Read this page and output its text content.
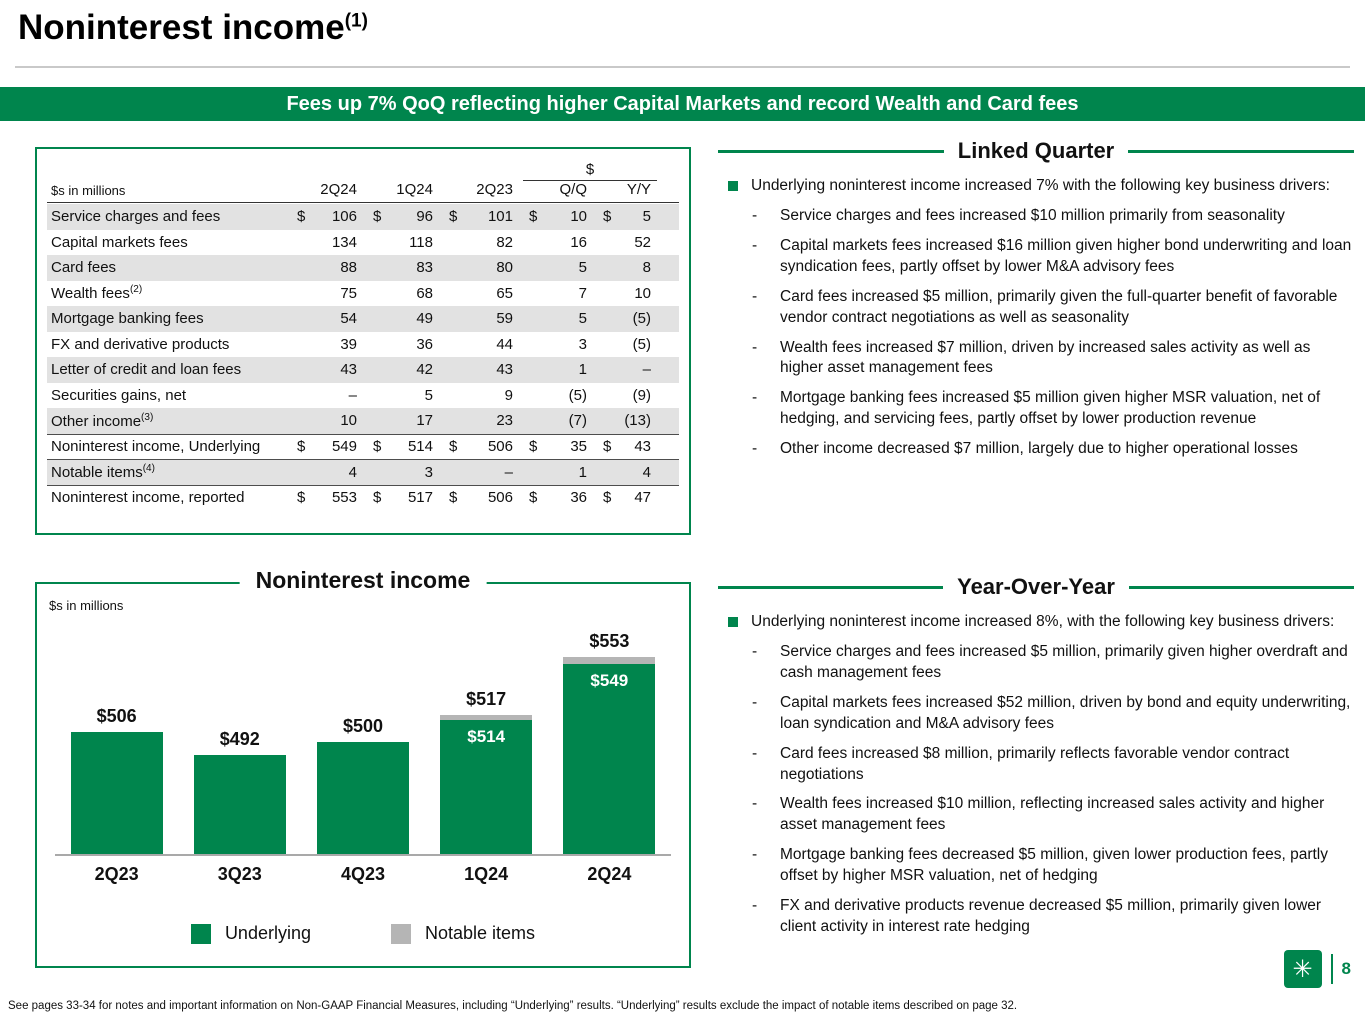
Noninterest income$^{(1)}$
Fees up 7% QoQ reflecting higher Capital Markets and record Wealth and Card fees
$
$s in millions	2Q24	1Q24	2Q23	Q/Q	Y/Y
Service charges and fees	$ 106	$ 96	$ 101	$ 10	$ 5
Capital markets fees	134	118	82	16	52
Card fees	88	83	80	5	8
Wealth fees$^{(2)}$	75	68	65	7	10
Mortgage banking fees	54	49	59	5	(5)
FX and derivative products	39	36	44	3	(5)
Letter of credit and loan fees	43	42	43	1	–
Securities gains, net	–	5	9	(5)	(9)
Other income$^{(3)}$	10	17	23	(7)	(13)
Noninterest income, Underlying	$ 549	$ 514	$ 506	$ 35	$ 43
Notable items$^{(4)}$	4	3	–	1	4
Noninterest income, reported	$ 553	$ 517	$ 506	$ 36	$ 47
Noninterest income
$s in millions
$506
$492
$500
$517
$514
$553
$549
2Q23	3Q23	4Q23	1Q24	2Q24
Underlying	Notable items
Linked Quarter
Underlying noninterest income increased 7% with the following key business drivers:
-	Service charges and fees increased $10 million primarily from seasonality
-	Capital markets fees increased $16 million given higher bond underwriting and loan syndication fees, partly offset by lower M&A advisory fees
-	Card fees increased $5 million, primarily given the full-quarter benefit of favorable vendor contract negotiations as well as seasonality
-	Wealth fees increased $7 million, driven by increased sales activity as well as higher asset management fees
-	Mortgage banking fees increased $5 million given higher MSR valuation, net of hedging, and servicing fees, partly offset by lower production revenue
-	Other income decreased $7 million, largely due to higher operational losses
Year-Over-Year
Underlying noninterest income increased 8%, with the following key business drivers:
-	Service charges and fees increased $5 million, primarily given higher overdraft and cash management fees
-	Capital markets fees increased $52 million, driven by bond and equity underwriting, loan syndication and M&A advisory fees
-	Card fees increased $8 million, primarily reflects favorable vendor contract negotiations
-	Wealth fees increased $10 million, reflecting increased sales activity and higher asset management fees
-	Mortgage banking fees decreased $5 million, given lower production fees, partly offset by higher MSR valuation, net of hedging
-	FX and derivative products revenue decreased $5 million, primarily given lower client activity in interest rate hedging
See pages 33-34 for notes and important information on Non-GAAP Financial Measures, including “Underlying” results. “Underlying” results exclude the impact of notable items described on page 32.
✳	8
